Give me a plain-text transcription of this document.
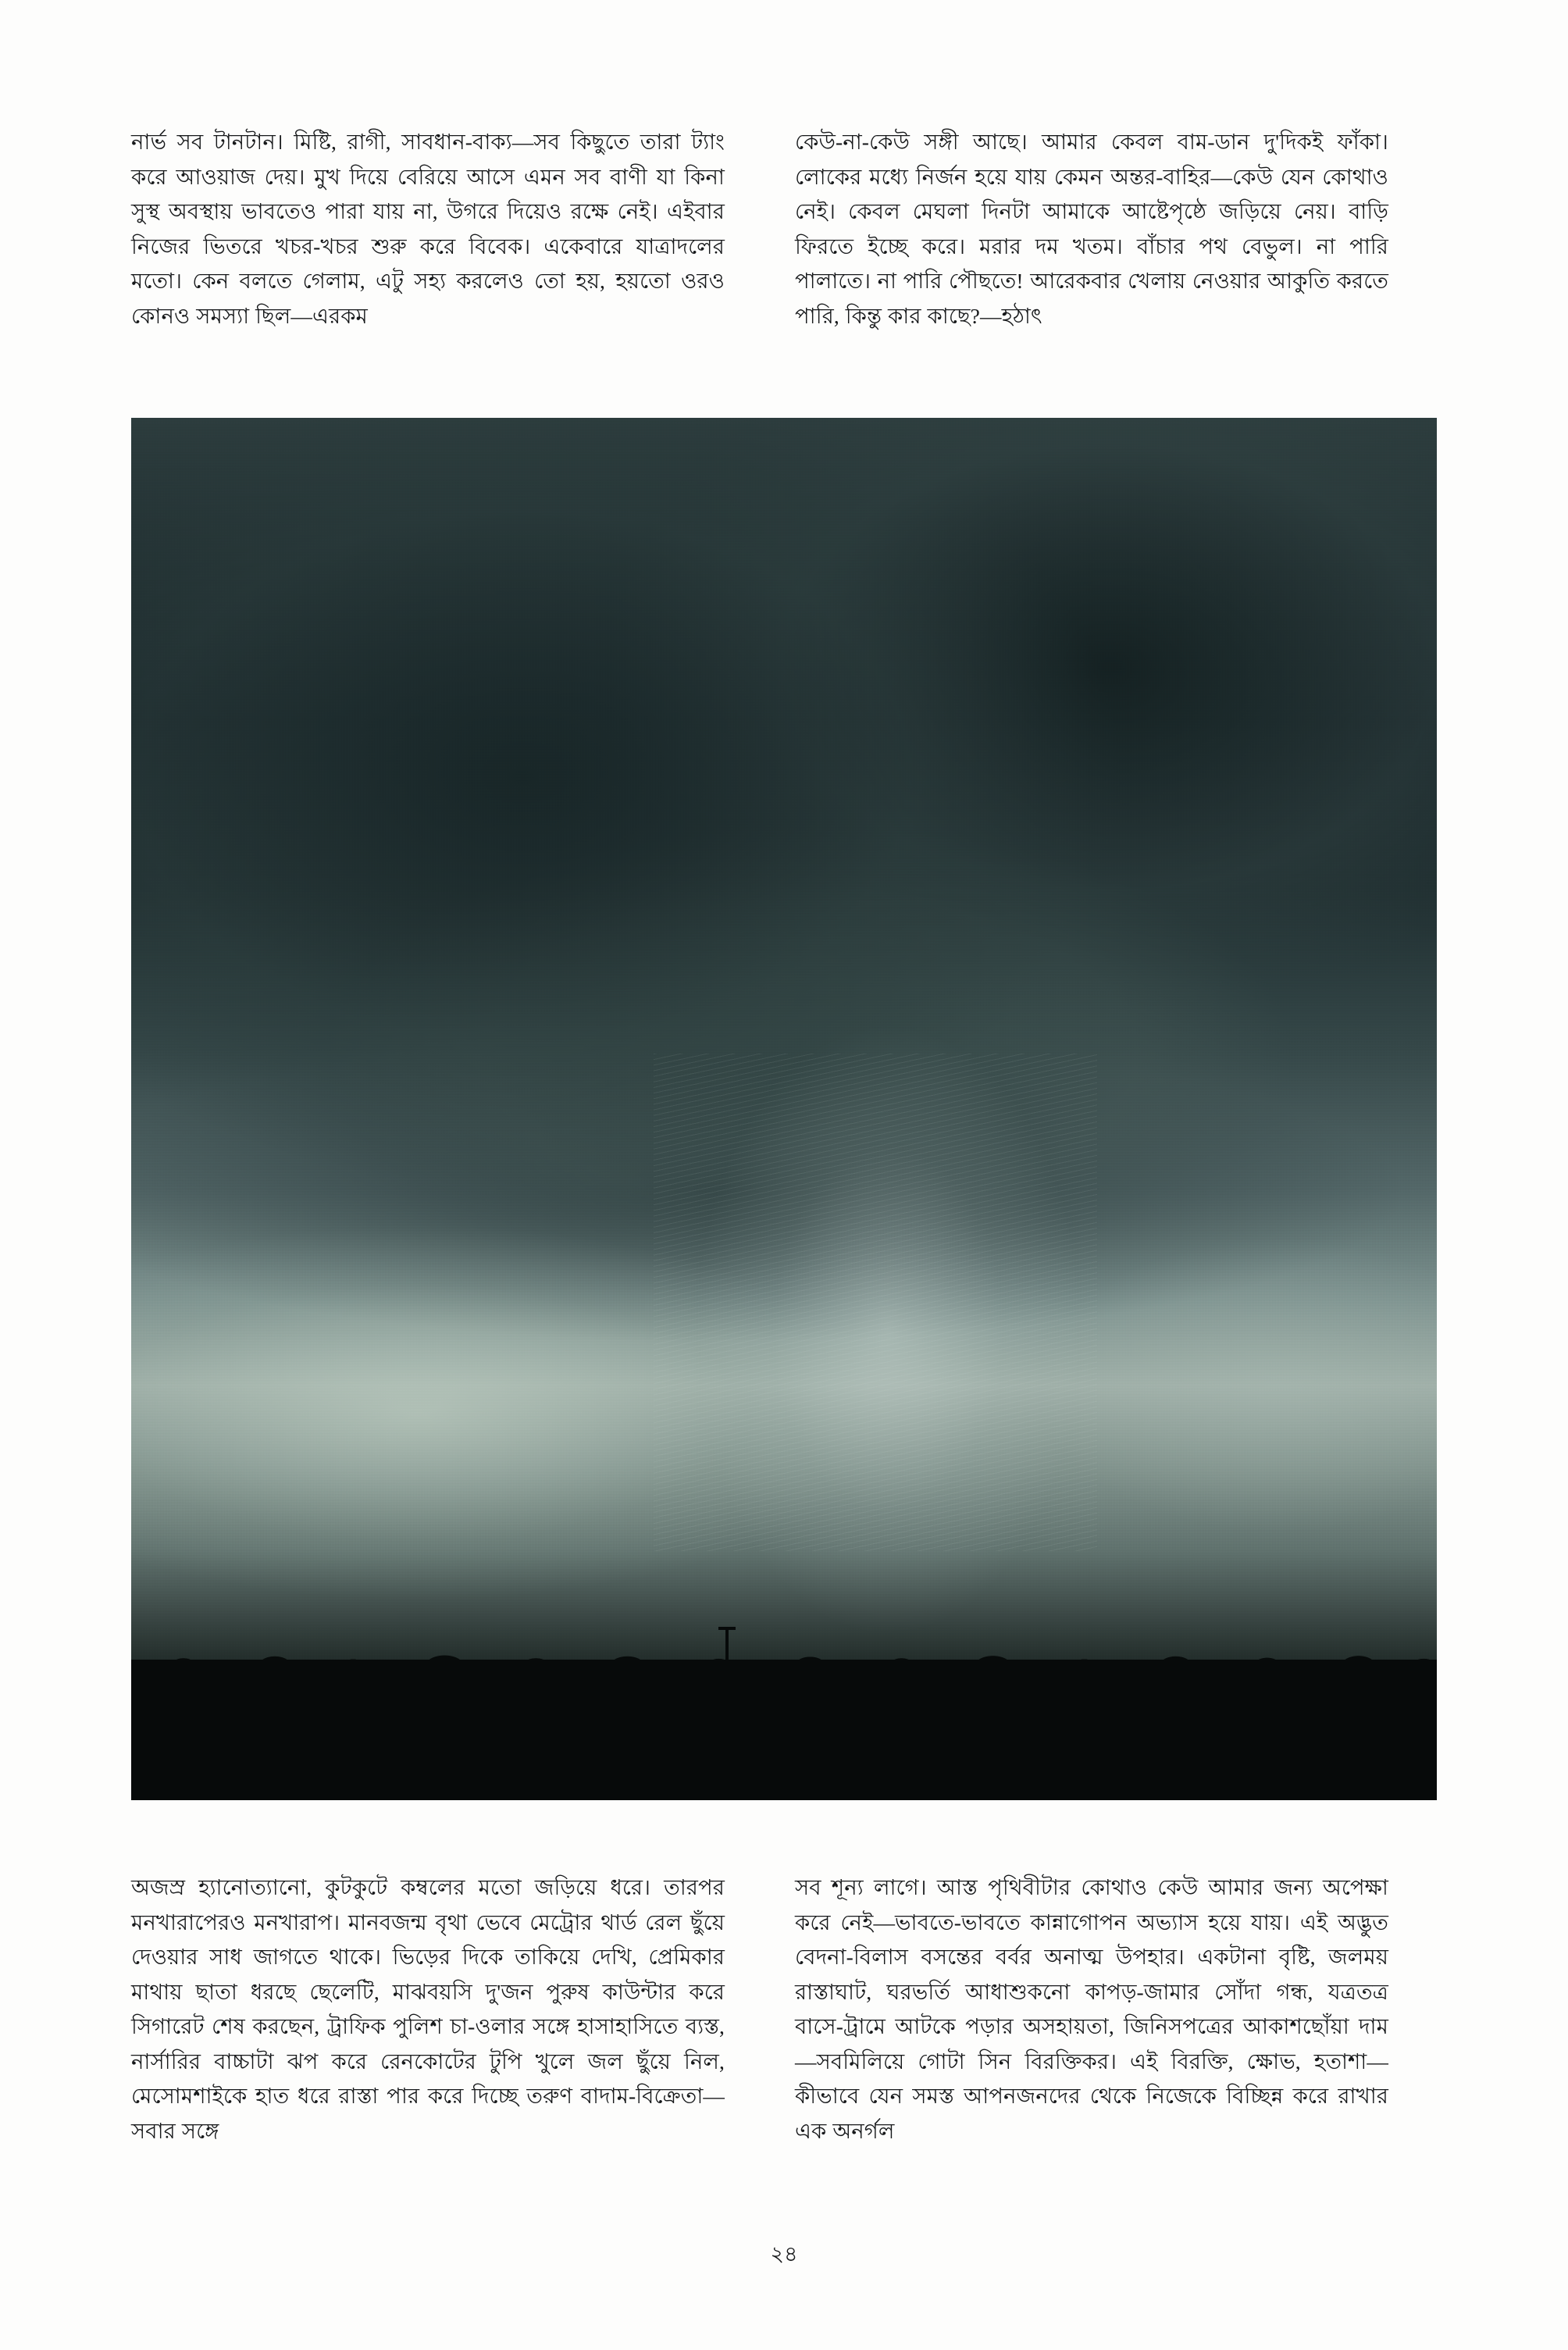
নার্ভ সব টানটান। মিষ্টি, রাগী, সাবধান-বাক্য—সব কিছুতে তারা ট্যাং করে আওয়াজ দেয়। মুখ দিয়ে বেরিয়ে আসে এমন সব বাণী যা কিনা সুস্থ অবস্থায় ভাবতেও পারা যায় না, উগরে দিয়েও রক্ষে নেই। এইবার নিজের ভিতরে খচর-খচর শুরু করে বিবেক। একেবারে যাত্রাদলের মতো। কেন বলতে গেলাম, এটু সহ্য করলেও তো হয়, হয়তো ওরও কোনও সমস্যা ছিল—এরকম

কেউ-না-কেউ সঙ্গী আছে। আমার কেবল বাম-ডান দু'দিকই ফাঁকা। লোকের মধ্যে নির্জন হয়ে যায় কেমন অন্তর-বাহির—কেউ যেন কোথাও নেই। কেবল মেঘলা দিনটা আমাকে আষ্টেপৃষ্ঠে জড়িয়ে নেয়। বাড়ি ফিরতে ইচ্ছে করে। মরার দম খতম। বাঁচার পথ বেভুল। না পারি পালাতে। না পারি পৌছতে! আরেকবার খেলায় নেওয়ার আকুতি করতে পারি, কিন্তু কার কাছে?—হঠাৎ

অজস্র হ্যানোত্যানো, কুটকুটে কম্বলের মতো জড়িয়ে ধরে। তারপর মনখারাপেরও মনখারাপ। মানবজন্ম বৃথা ভেবে মেট্রোর থার্ড রেল ছুঁয়ে দেওয়ার সাধ জাগতে থাকে। ভিড়ের দিকে তাকিয়ে দেখি, প্রেমিকার মাথায় ছাতা ধরছে ছেলেটি, মাঝবয়সি দু'জন পুরুষ কাউন্টার করে সিগারেট শেষ করছেন, ট্রাফিক পুলিশ চা-ওলার সঙ্গে হাসাহাসিতে ব্যস্ত, নার্সারির বাচ্চাটা ঝপ করে রেনকোটের টুপি খুলে জল ছুঁয়ে নিল, মেসোমশাইকে হাত ধরে রাস্তা পার করে দিচ্ছে তরুণ বাদাম-বিক্রেতা—সবার সঙ্গে

সব শূন্য লাগে। আস্ত পৃথিবীটার কোথাও কেউ আমার জন্য অপেক্ষা করে নেই—ভাবতে-ভাবতে কান্নাগোপন অভ্যাস হয়ে যায়। এই অদ্ভুত বেদনা-বিলাস বসন্তের বর্বর অনাত্ম উপহার। একটানা বৃষ্টি, জলময় রাস্তাঘাট, ঘরভর্তি আধাশুকনো কাপড়-জামার সোঁদা গন্ধ, যত্রতত্র বাসে-ট্রামে আটকে পড়ার অসহায়তা, জিনিসপত্রের আকাশছোঁয়া দাম—সবমিলিয়ে গোটা সিন বিরক্তিকর। এই বিরক্তি, ক্ষোভ, হতাশা—কীভাবে যেন সমস্ত আপনজনদের থেকে নিজেকে বিচ্ছিন্ন করে রাখার এক অনর্গল

২৪
